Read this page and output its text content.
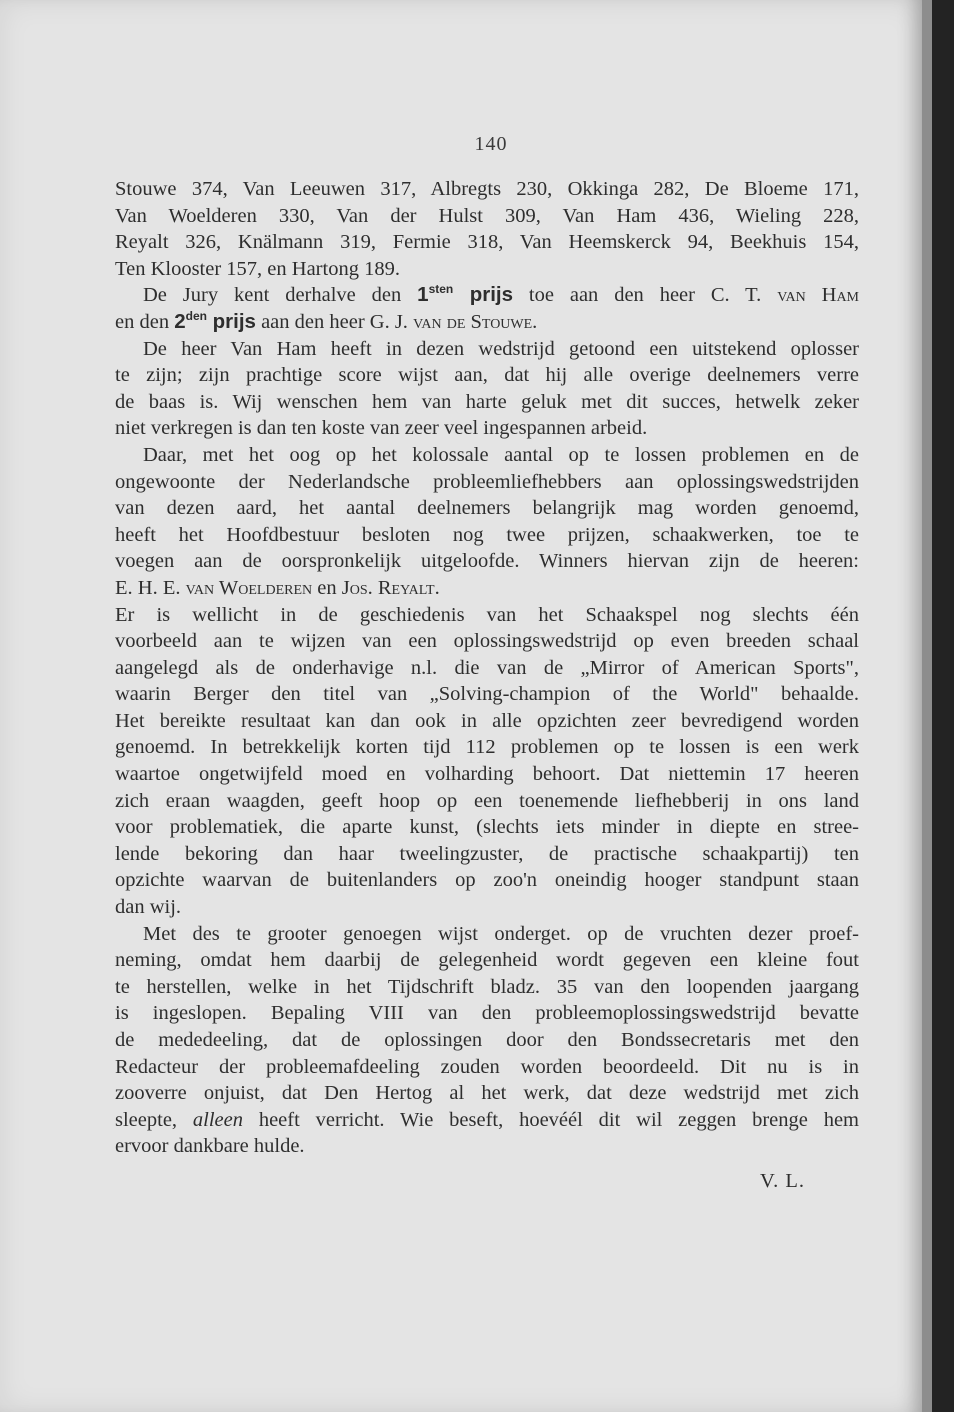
140
Stouwe 374, Van Leeuwen 317, Albregts 230, Okkinga 282, De Bloeme 171,
Van Woelderen 330, Van der Hulst 309, Van Ham 436, Wieling 228,
Reyalt 326, Knälmann 319, Fermie 318, Van Heemskerck 94, Beekhuis 154,
Ten Klooster 157, en Hartong 189.
De Jury kent derhalve den $1^{sten}$ prijs toe aan den heer C. T. van Ham
en den $2^{den}$ prijs aan den heer G. J. van de Stouwe.
De heer Van Ham heeft in dezen wedstrijd getoond een uitstekend oplosser
te zijn; zijn prachtige score wijst aan, dat hij alle overige deelnemers verre
de baas is. Wij wenschen hem van harte geluk met dit succes, hetwelk zeker
niet verkregen is dan ten koste van zeer veel ingespannen arbeid.
Daar, met het oog op het kolossale aantal op te lossen problemen en de
ongewoonte der Nederlandsche probleemliefhebbers aan oplossingswedstrijden
van dezen aard, het aantal deelnemers belangrijk mag worden genoemd,
heeft het Hoofdbestuur besloten nog twee prijzen, schaakwerken, toe te
voegen aan de oorspronkelijk uitgeloofde. Winners hiervan zijn de heeren:
E. H. E. van Woelderen en Jos. Reyalt.
Er is wellicht in de geschiedenis van het Schaakspel nog slechts één
voorbeeld aan te wijzen van een oplossingswedstrijd op even breeden schaal
aangelegd als de onderhavige n.l. die van de „Mirror of American Sports",
waarin Berger den titel van „Solving-champion of the World" behaalde.
Het bereikte resultaat kan dan ook in alle opzichten zeer bevredigend worden
genoemd. In betrekkelijk korten tijd 112 problemen op te lossen is een werk
waartoe ongetwijfeld moed en volharding behoort. Dat niettemin 17 heeren
zich eraan waagden, geeft hoop op een toenemende liefhebberij in ons land
voor problematiek, die aparte kunst, (slechts iets minder in diepte en stree-
lende bekoring dan haar tweelingzuster, de practische schaakpartij) ten
opzichte waarvan de buitenlanders op zoo'n oneindig hooger standpunt staan
dan wij.
Met des te grooter genoegen wijst onderget. op de vruchten dezer proef-
neming, omdat hem daarbij de gelegenheid wordt gegeven een kleine fout
te herstellen, welke in het Tijdschrift bladz. 35 van den loopenden jaargang
is ingeslopen. Bepaling VIII van den probleemoplossingswedstrijd bevatte
de mededeeling, dat de oplossingen door den Bondssecretaris met den
Redacteur der probleemafdeeling zouden worden beoordeeld. Dit nu is in
zooverre onjuist, dat Den Hertog al het werk, dat deze wedstrijd met zich
sleepte, alleen heeft verricht. Wie beseft, hoevéél dit wil zeggen brenge hem
ervoor dankbare hulde.
V. L.
